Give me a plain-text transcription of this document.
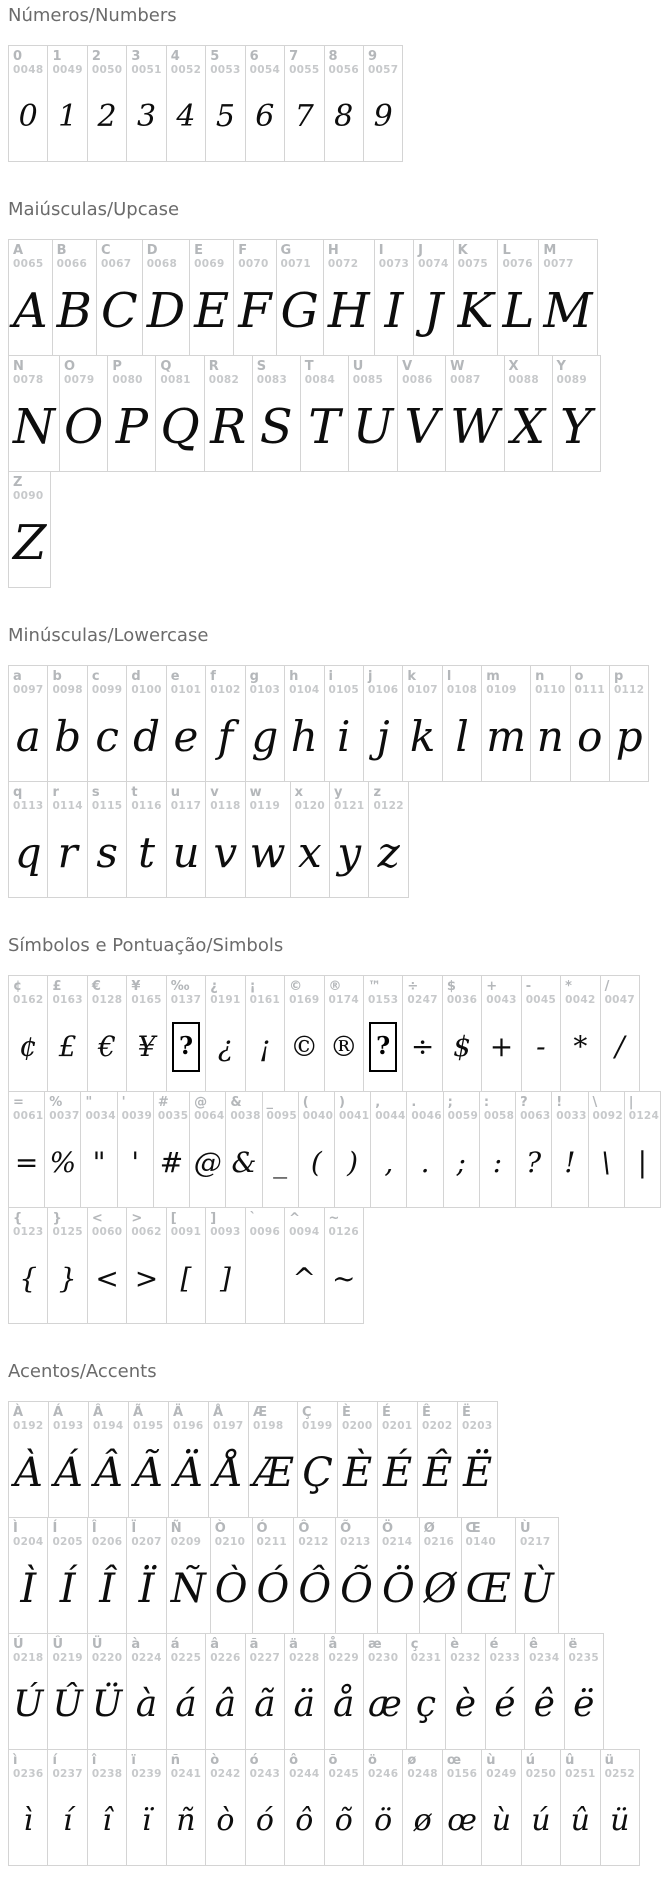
Números/Numbers
0
0048
0
1
0049
1
2
0050
2
3
0051
3
4
0052
4
5
0053
5
6
0054
6
7
0055
7
8
0056
8
9
0057
9
Maiúsculas/Upcase
A
0065
A
B
0066
B
C
0067
C
D
0068
D
E
0069
E
F
0070
F
G
0071
G
H
0072
H
I
0073
I
J
0074
J
K
0075
K
L
0076
L
M
0077
M
N
0078
N
O
0079
O
P
0080
P
Q
0081
Q
R
0082
R
S
0083
S
T
0084
T
U
0085
U
V
0086
V
W
0087
W
X
0088
X
Y
0089
Y
Z
0090
Z
Minúsculas/Lowercase
a
0097
a
b
0098
b
c
0099
c
d
0100
d
e
0101
e
f
0102
f
g
0103
g
h
0104
h
i
0105
i
j
0106
j
k
0107
k
l
0108
l
m
0109
m
n
0110
n
o
0111
o
p
0112
p
q
0113
q
r
0114
r
s
0115
s
t
0116
t
u
0117
u
v
0118
v
w
0119
w
x
0120
x
y
0121
y
z
0122
z
Símbolos e Pontuação/Simbols
¢
0162
¢
£
0163
£
€
0128
€
¥
0165
¥
‰
0137
?
¿
0191
¿
¡
0161
¡
©
0169
©
®
0174
®
™
0153
?
÷
0247
÷
$
0036
$
+
0043
+
-
0045
-
*
0042
*
/
0047
/
=
0061
=
%
0037
%
"
0034
"
'
0039
'
#
0035
#
@
0064
@
&
0038
&
_
0095
_
(
0040
(
)
0041
)
,
0044
,
.
0046
.
;
0059
;
:
0058
:
?
0063
?
!
0033
!
\
0092
\
|
0124
|
{
0123
{
}
0125
}
<
0060
<
>
0062
>
[
0091
[
]
0093
]
`
0096
^
0094
^
~
0126
~
Acentos/Accents
À
0192
À
Á
0193
Á
Â
0194
Â
Ã
0195
Ã
Ä
0196
Ä
Å
0197
Å
Æ
0198
Æ
Ç
0199
Ç
È
0200
È
É
0201
É
Ê
0202
Ê
Ë
0203
Ë
Ì
0204
Ì
Í
0205
Í
Î
0206
Î
Ï
0207
Ï
Ñ
0209
Ñ
Ò
0210
Ò
Ó
0211
Ó
Ô
0212
Ô
Õ
0213
Õ
Ö
0214
Ö
Ø
0216
Ø
Œ
0140
Œ
Ù
0217
Ù
Ú
0218
Ú
Û
0219
Û
Ü
0220
Ü
à
0224
à
á
0225
á
â
0226
â
ã
0227
ã
ä
0228
ä
å
0229
å
æ
0230
æ
ç
0231
ç
è
0232
è
é
0233
é
ê
0234
ê
ë
0235
ë
ì
0236
ì
í
0237
í
î
0238
î
ï
0239
ï
ñ
0241
ñ
ò
0242
ò
ó
0243
ó
ô
0244
ô
õ
0245
õ
ö
0246
ö
ø
0248
ø
œ
0156
œ
ù
0249
ù
ú
0250
ú
û
0251
û
ü
0252
ü
